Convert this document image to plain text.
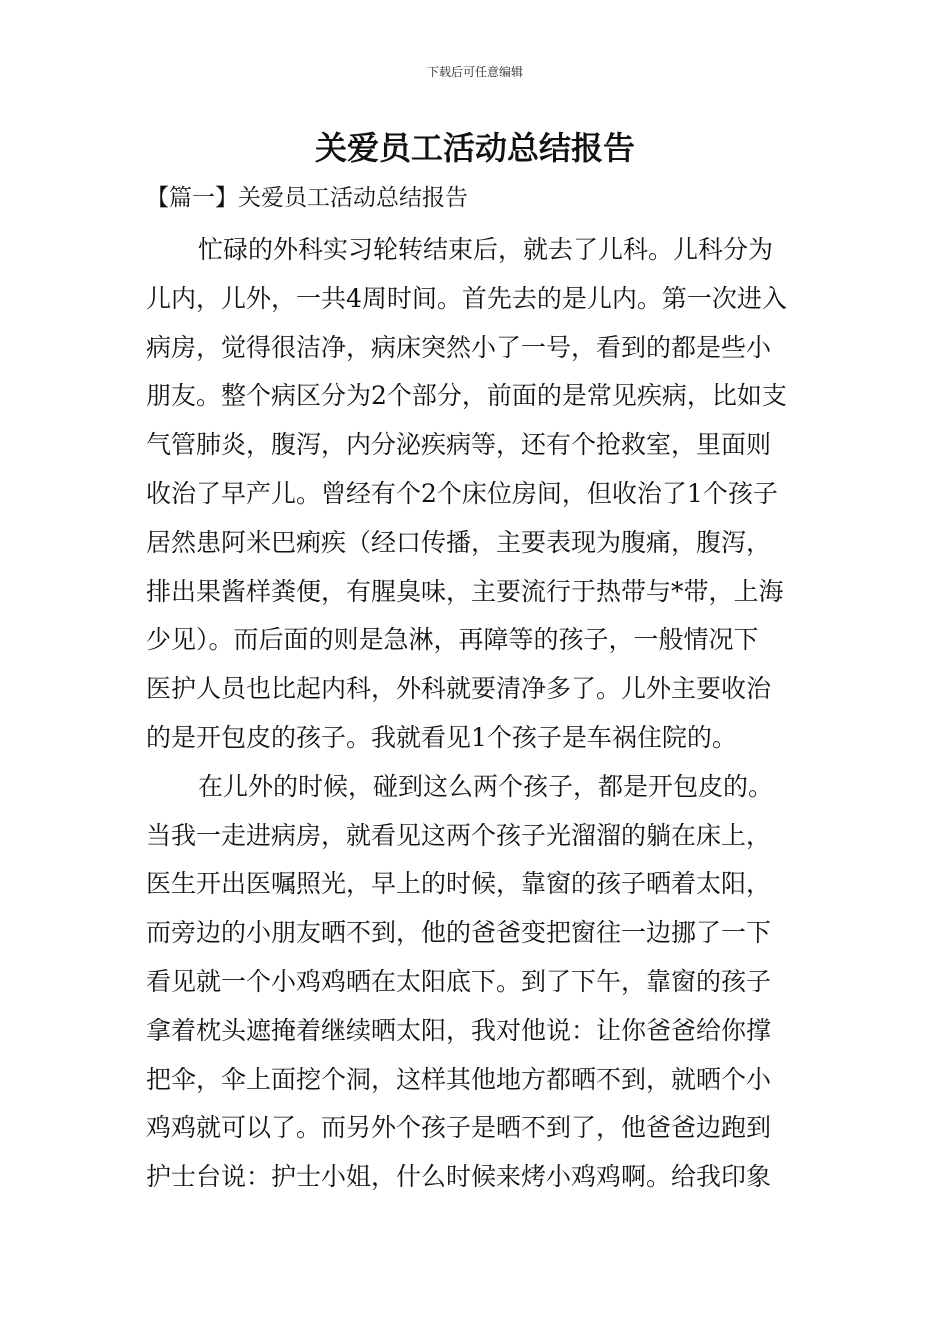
下载后可任意编辑
关爱员工活动总结报告
【篇一】关爱员工活动总结报告

忙碌的外科实习轮转结束后，就去了儿科。儿科分为
儿内，儿外，一共4周时间。首先去的是儿内。第一次进入
病房，觉得很洁净，病床突然小了一号，看到的都是些小
朋友。整个病区分为2个部分，前面的是常见疾病，比如支
气管肺炎，腹泻，内分泌疾病等，还有个抢救室，里面则
收治了早产儿。曾经有个2个床位房间，但收治了1个孩子
居然患阿米巴痢疾（经口传播，主要表现为腹痛，腹泻，
排出果酱样粪便，有腥臭味，主要流行于热带与*带，上海
少见）。而后面的则是急淋，再障等的孩子，一般情况下
医护人员也比起内科，外科就要清净多了。儿外主要收治
的是开包皮的孩子。我就看见1个孩子是车祸住院的。

在儿外的时候，碰到这么两个孩子，都是开包皮的。
当我一走进病房，就看见这两个孩子光溜溜的躺在床上，
医生开出医嘱照光，早上的时候，靠窗的孩子晒着太阳，
而旁边的小朋友晒不到，他的爸爸变把窗往一边挪了一下
看见就一个小鸡鸡晒在太阳底下。到了下午，靠窗的孩子
拿着枕头遮掩着继续晒太阳，我对他说：让你爸爸给你撑
把伞，伞上面挖个洞，这样其他地方都晒不到，就晒个小
鸡鸡就可以了。而另外个孩子是晒不到了，他爸爸边跑到
护士台说：护士小姐，什么时候来烤小鸡鸡啊。给我印象
